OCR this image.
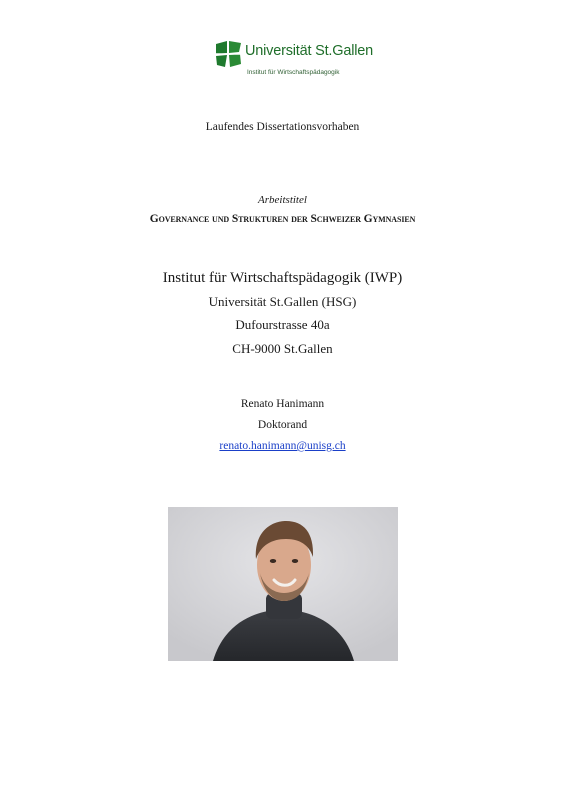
Universität St.Gallen
Institut für Wirtschaftspädagogik
Laufendes Dissertationsvorhaben
Arbeitstitel
Governance und Strukturen der Schweizer Gymnasien
Institut für Wirtschaftspädagogik (IWP)
Universität St.Gallen (HSG)
Dufourstrasse 40a
CH-9000 St.Gallen
Renato Hanimann
Doktorand
renato.hanimann@unisg.ch
